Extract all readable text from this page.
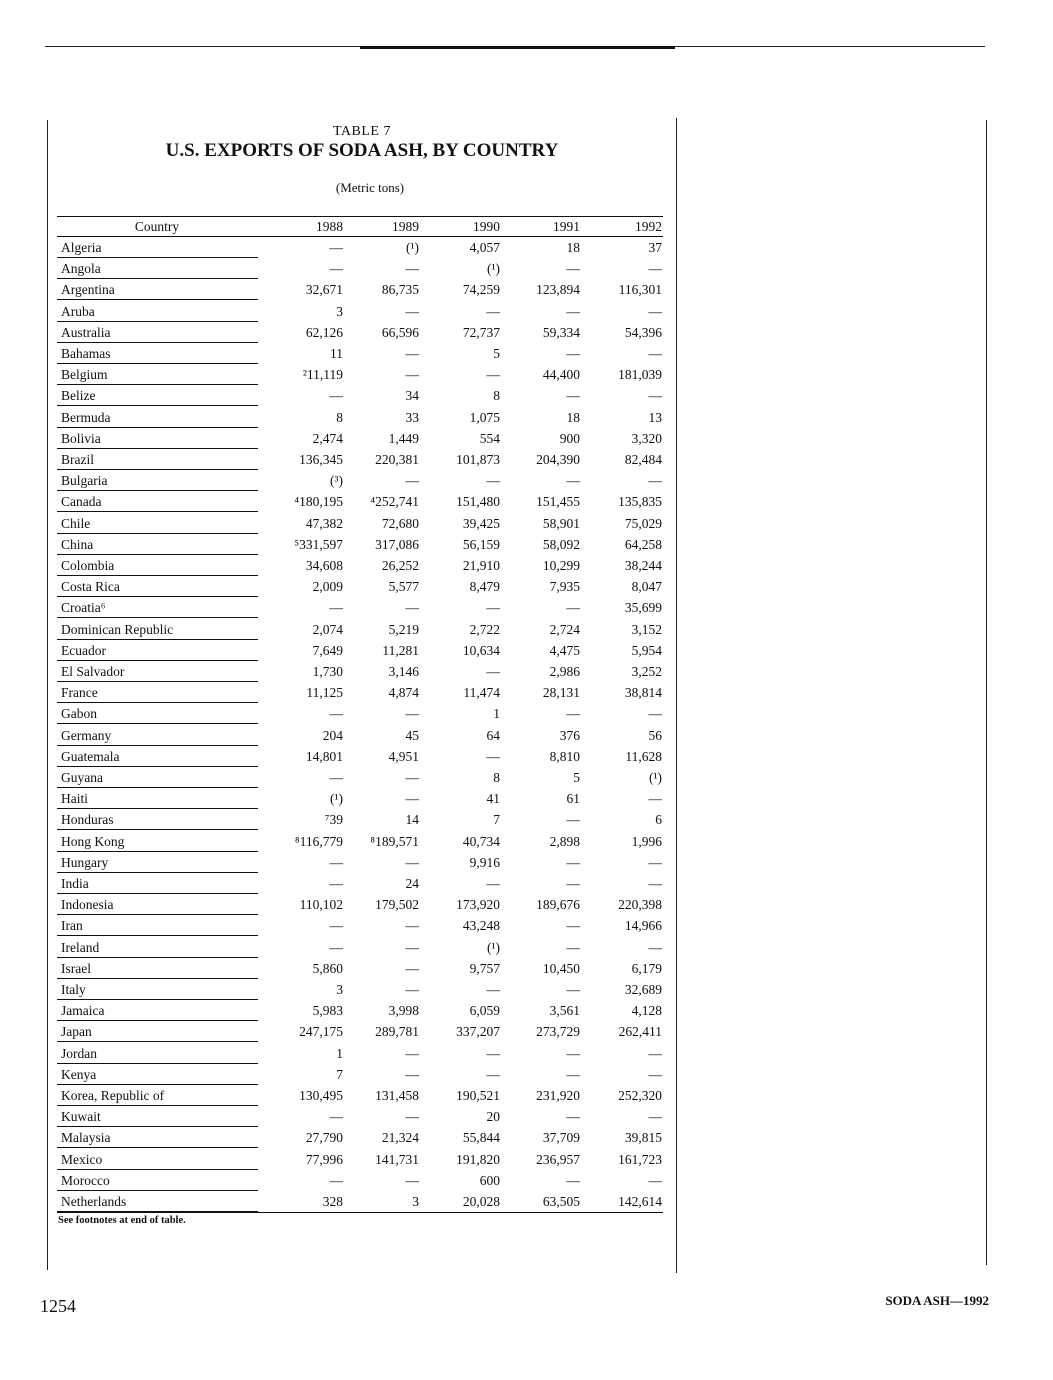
TABLE 7
U.S. EXPORTS OF SODA ASH, BY COUNTRY
(Metric tons)
Country	1988	1989	1990	1991	1992
Algeria	—	(¹)	4,057	18	37
Angola	—	—	(¹)	—	—
Argentina	32,671	86,735	74,259	123,894	116,301
Aruba	3	—	—	—	—
Australia	62,126	66,596	72,737	59,334	54,396
Bahamas	11	—	5	—	—
Belgium	²11,119	—	—	44,400	181,039
Belize	—	34	8	—	—
Bermuda	8	33	1,075	18	13
Bolivia	2,474	1,449	554	900	3,320
Brazil	136,345	220,381	101,873	204,390	82,484
Bulgaria	(³)	—	—	—	—
Canada	⁴180,195	⁴252,741	151,480	151,455	135,835
Chile	47,382	72,680	39,425	58,901	75,029
China	⁵331,597	317,086	56,159	58,092	64,258
Colombia	34,608	26,252	21,910	10,299	38,244
Costa Rica	2,009	5,577	8,479	7,935	8,047
Croatia⁶	—	—	—	—	35,699
Dominican Republic	2,074	5,219	2,722	2,724	3,152
Ecuador	7,649	11,281	10,634	4,475	5,954
El Salvador	1,730	3,146	—	2,986	3,252
France	11,125	4,874	11,474	28,131	38,814
Gabon	—	—	1	—	—
Germany	204	45	64	376	56
Guatemala	14,801	4,951	—	8,810	11,628
Guyana	—	—	8	5	(¹)
Haiti	(¹)	—	41	61	—
Honduras	⁷39	14	7	—	6
Hong Kong	⁸116,779	⁸189,571	40,734	2,898	1,996
Hungary	—	—	9,916	—	—
India	—	24	—	—	—
Indonesia	110,102	179,502	173,920	189,676	220,398
Iran	—	—	43,248	—	14,966
Ireland	—	—	(¹)	—	—
Israel	5,860	—	9,757	10,450	6,179
Italy	3	—	—	—	32,689
Jamaica	5,983	3,998	6,059	3,561	4,128
Japan	247,175	289,781	337,207	273,729	262,411
Jordan	1	—	—	—	—
Kenya	7	—	—	—	—
Korea, Republic of	130,495	131,458	190,521	231,920	252,320
Kuwait	—	—	20	—	—
Malaysia	27,790	21,324	55,844	37,709	39,815
Mexico	77,996	141,731	191,820	236,957	161,723
Morocco	—	—	600	—	—
Netherlands	328	3	20,028	63,505	142,614
See footnotes at end of table.
1254	SODA ASH—1992
